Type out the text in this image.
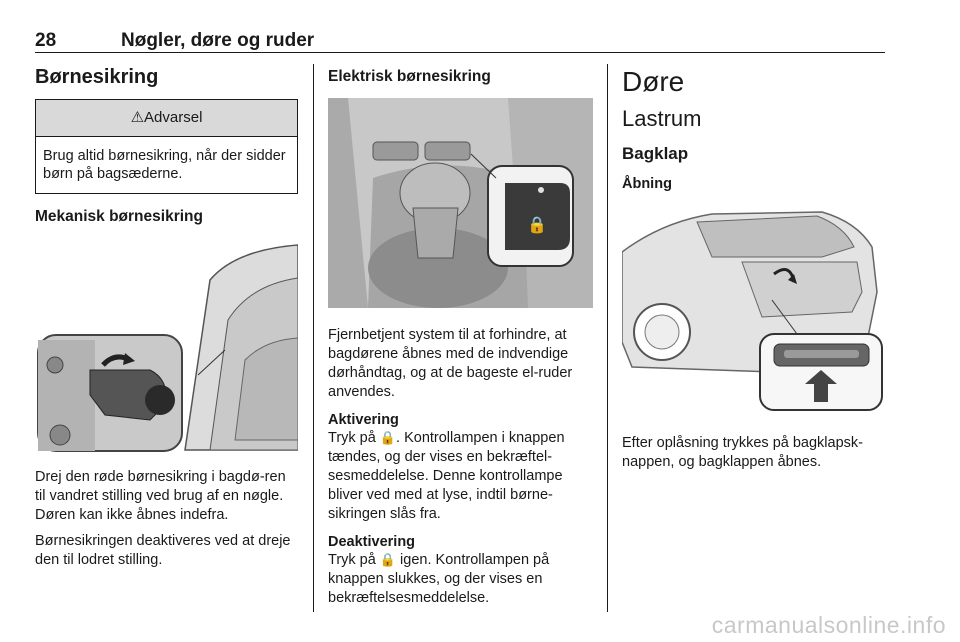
28	Nøgler, døre og ruder
Børnesikring
⚠Advarsel
Brug altid børnesikring, når der sidder børn på bagsæderne.
Mekanisk børnesikring

Drej den røde børnesikring i bagdø-ren til vandret stilling ved brug af en nøgle. Døren kan ikke åbnes indefra.

Børnesikringen deaktiveres ved at dreje den til lodret stilling.

Elektrisk børnesikring
🔒

Fjernbetjent system til at forhindre, at bagdørene åbnes med de indvendige dørhåndtag, og at de bageste el-ruder anvendes.

Aktivering

Tryk på 🔒. Kontrollampen i knappen tændes, og der vises en bekræftel-sesmeddelelse. Denne kontrollampe bliver ved med at lyse, indtil børne-sikringen slås fra.

Deaktivering

Tryk på 🔒 igen. Kontrollampen på knappen slukkes, og der vises en bekræftelsesmeddelelse.

Døre
Lastrum
Bagklap
Åbning

Efter oplåsning trykkes på bagklapsk-nappen, og bagklappen åbnes.

carmanualsonline.info
